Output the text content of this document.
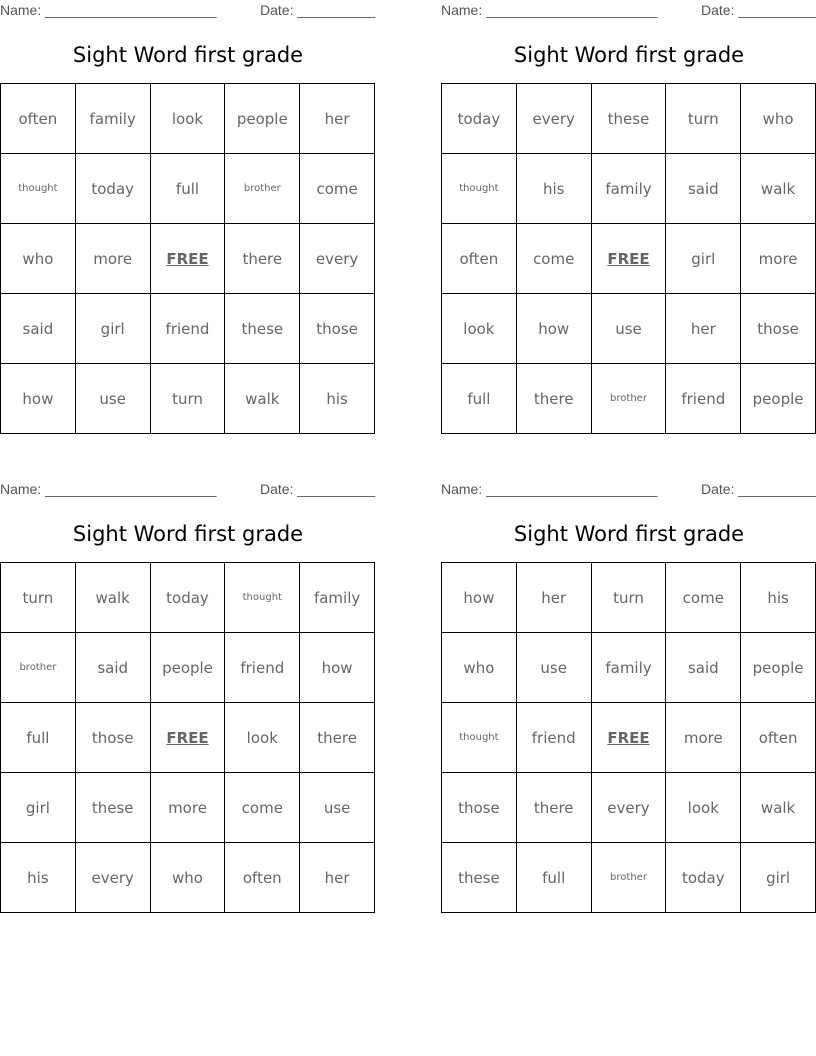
Name: ______________________	Date: __________
Sight Word first grade
often	family	look	people	her
thought	today	full	brother	come
who	more	FREE	there	every
said	girl	friend	these	those
how	use	turn	walk	his
Name: ______________________	Date: __________
Sight Word first grade
today	every	these	turn	who
thought	his	family	said	walk
often	come	FREE	girl	more
look	how	use	her	those
full	there	brother	friend	people
Name: ______________________	Date: __________
Sight Word first grade
turn	walk	today	thought	family
brother	said	people	friend	how
full	those	FREE	look	there
girl	these	more	come	use
his	every	who	often	her
Name: ______________________	Date: __________
Sight Word first grade
how	her	turn	come	his
who	use	family	said	people
thought	friend	FREE	more	often
those	there	every	look	walk
these	full	brother	today	girl
